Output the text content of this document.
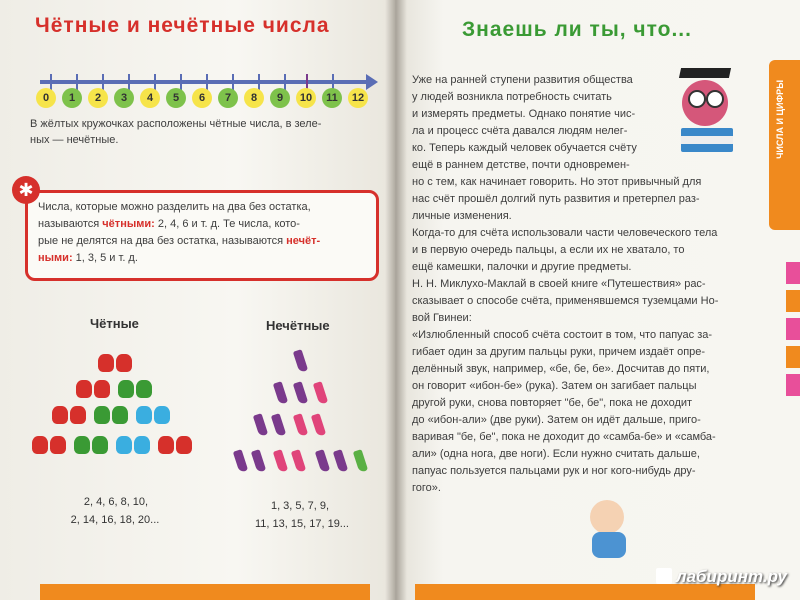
Чётные и нечётные числа
0	1	2	3	4	5	6	7	8	9	10	11	12
В жёлтых кружочках расположены чётные числа, в зеле-
ных — нечётные.
✱
Числа, которые можно разделить на два без остатка,
называются чётными: 2, 4, 6 и т. д. Те числа, кото-
рые не делятся на два без остатка, называются нечёт-
ными: 1, 3, 5 и т. д.
Чётные	Нечётные
2, 4, 6, 8, 10,
2, 14, 16, 18, 20...
1, 3, 5, 7, 9,
11, 13, 15, 17, 19...
Знаешь ли ты, что...
Уже на ранней ступени развития общества
у людей возникла потребность считать
и измерять предметы. Однако понятие чис-
ла и процесс счёта давался людям нелег-
ко. Теперь каждый человек обучается счёту
ещё в раннем детстве, почти одновремен-
но с тем, как начинает говорить. Но этот привычный для
нас счёт прошёл долгий путь развития и претерпел раз-
личные изменения.
Когда-то для счёта использовали части человеческого тела
и в первую очередь пальцы, а если их не хватало, то
ещё камешки, палочки и другие предметы.
Н. Н. Миклухо-Маклай в своей книге «Путешествия» рас-
сказывает о способе счёта, применявшемся туземцами Но-
вой Гвинеи:
«Излюбленный способ счёта состоит в том, что папуас за-
гибает один за другим пальцы руки, причем издаёт опре-
делённый звук, например, «бе, бе, бе». Досчитав до пяти,
он говорит «ибон-бе» (рука). Затем он загибает пальцы
другой руки, снова повторяет "бе, бе", пока не доходит
до «ибон-али» (две руки). Затем он идёт дальше, приго-
варивая "бе, бе", пока не доходит до «самба-бе» и «самба-
али» (одна нога, две ноги). Если нужно считать дальше,
папуас пользуется пальцами рук и ног кого-нибудь дру-
гого».
ЧИСЛА И ЦИФРЫ
лабиринт.ру
